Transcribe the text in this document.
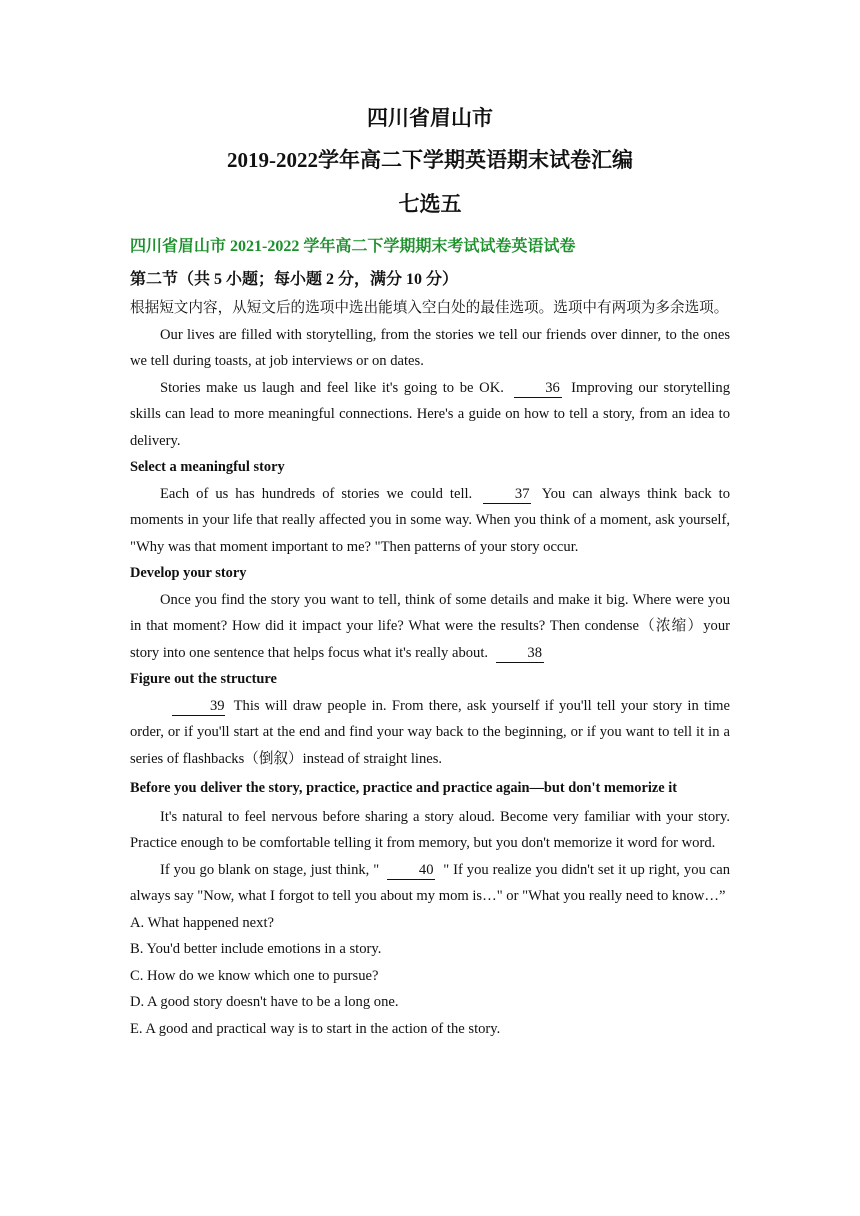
四川省眉山市
2019-2022学年高二下学期英语期末试卷汇编
七选五

四川省眉山市 2021-2022 学年高二下学期期末考试试卷英语试卷

第二节（共 5 小题；每小题 2 分，满分 10 分）

根据短文内容，从短文后的选项中选出能填入空白处的最佳选项。选项中有两项为多余选项。

Our lives are filled with storytelling, from the stories we tell our friends over dinner, to the ones we tell during toasts, at job interviews or on dates.

Stories make us laugh and feel like it's going to be OK.	36 Improving our storytelling skills can lead to more meaningful connections. Here's a guide on how to tell a story, from an idea to delivery.

Select a meaningful story

Each of us has hundreds of stories we could tell.	37 You can always think back to moments in your life that really affected you in some way. When you think of a moment, ask yourself, "Why was that moment important to me? "Then patterns of your story occur.

Develop your story

Once you find the story you want to tell, think of some details and make it big. Where were you in that moment? How did it impact your life? What were the results? Then condense（浓缩）your story into one sentence that helps focus what it's really about.	38

Figure out the structure

39 This will draw people in. From there, ask yourself if you'll tell your story in time order, or if you'll start at the end and find your way back to the beginning, or if you want to tell it in a series of flashbacks（倒叙）instead of straight lines.

Before you deliver the story, practice, practice and practice again—but don't memorize it

It's natural to feel nervous before sharing a story aloud. Become very familiar with your story. Practice enough to be comfortable telling it from memory, but you don't memorize it word for word.

If you go blank on stage, just think, "	40 " If you realize you didn't set it up right, you can always say "Now, what I forgot to tell you about my mom is…" or "What you really need to know…”

A. What happened next?

B. You'd better include emotions in a story.

C. How do we know which one to pursue?

D. A good story doesn't have to be a long one.

E. A good and practical way is to start in the action of the story.
